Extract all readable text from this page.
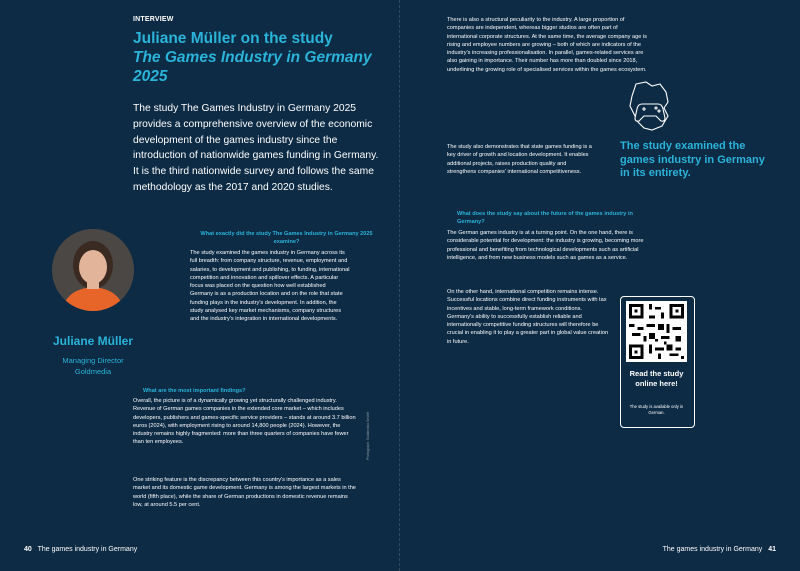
INTERVIEW
Juliane Müller on the study
The Games Industry in Germany 2025
The study The Games Industry in Germany 2025 provides a comprehensive overview of the economic development of the games industry since the introduction of nationwide games funding in Germany. It is the third nationwide survey and follows the same methodology as the 2017 and 2020 studies.
Juliane Müller
Managing Director
Goldmedia
What exactly did the study The Games Industry in Germany 2025 examine?
The study examined the games industry in Germany across its full breadth: from company structure, revenue, employment and salaries, to development and publishing, to funding, international competition and innovation and spillover effects. A particular focus was placed on the question how well established Germany is as a production location and on the role that state funding plays in the industry's development. In addition, the study analysed key market mechanisms, company structures and the industry's integration in international developments.
What are the most important findings?
Overall, the picture is of a dynamically growing yet structurally challenged industry. Revenue of German games companies in the extended core market – which includes developers, publishers and games-specific service providers – stands at around 3.7 billion euros (2024), with employment rising to around 14,800 people (2024). However, the industry remains highly fragmented: more than three quarters of companies have fewer than ten employees.
One striking feature is the discrepancy between this country's importance as a sales market and its domestic game development. Germany is among the largest markets in the world (fifth place), while the share of German productions in domestic revenue remains low, at around 5.5 per cent.
Photograph: Goldmedia GmbH
There is also a structural peculiarity to the industry. A large proportion of companies are independent, whereas bigger studios are often part of international corporate structures. At the same time, the average company age is rising and employee numbers are growing – both of which are indicators of the industry's increasing professionalisation. In parallel, games-related services are also gaining in importance. Their number has more than doubled since 2018, underlining the growing role of specialised services within the games ecosystem.
The study also demonstrates that state games funding is a key driver of growth and location development. It enables additional projects, raises production quality and strengthens companies' international competitiveness.
What does the study say about the future of the games industry in Germany?
The German games industry is at a turning point. On the one hand, there is considerable potential for development: the industry is growing, becoming more professional and benefiting from technological developments such as artificial intelligence, and from new business models such as games as a service.
On the other hand, international competition remains intense. Successful locations combine direct funding instruments with tax incentives and stable, long-term framework conditions. Germany's ability to successfully establish reliable and internationally competitive funding structures will therefore be crucial in enabling it to play a greater part in global value creation in future.
The study examined the games industry in Germany in its entirety.
Read the study online here!
The study is available only in German.
40 The games industry in Germany	The games industry in Germany 41
